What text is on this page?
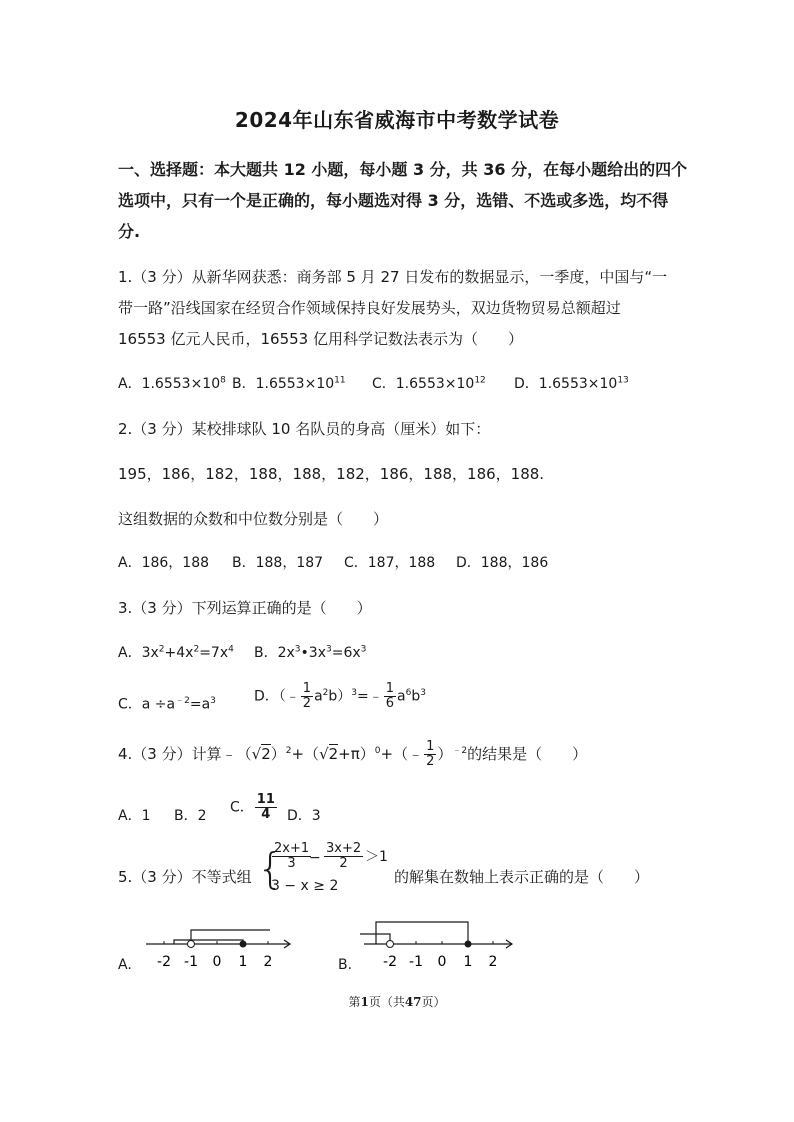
2024年山东省威海市中考数学试卷
一、选择题：本大题共 12 小题，每小题 3 分，共 36 分，在每小题给出的四个
选项中，只有一个是正确的，每小题选对得 3 分，选错、不选或多选，均不得
分.
1.（3 分）从新华网获悉：商务部 5 月 27 日发布的数据显示，一季度，中国与“一
带一路”沿线国家在经贸合作领域保持良好发展势头，双边货物贸易总额超过
16553 亿元人民币，16553 亿用科学记数法表示为（　　）
A．$1.6553\times 10^8$ B．$1.6553\times 10^{11}$ C．$1.6553\times 10^{12}$ D．$1.6553\times 10^{13}$
2.（3 分）某校排球队 10 名队员的身高（厘米）如下：
195，186，182，188，188，182，186，188，186，188.
这组数据的众数和中位数分别是（　　）
A．186，188 B．188，187 C．187，188 D．188，186
3.（3 分）下列运算正确的是（　　）
A．$3x^2+4x^2=7x^4$ B．$2x^3•3x^3=6x^3$
C．$a \div a^{﹣2}=a^3$	D．（﹣ $\frac{1}{2}$ $a^2b)^3=﹣ \frac{1}{6} a^6b^3$
4.（3 分）计算$﹣(√2)^2+(√2+\pi)^0+(﹣ \frac{1}{2} )^{﹣2}$的结果是（　　）
A．1 B．2
C． $\frac{11}{4}$ D．3
5.（3 分）不等式组 {
$\frac{2x+1}{3}$
− $\frac{3x+2}{2} >1$
3 − x ≥ 2	的解集在数轴上表示正确的是（　　）
A. -2 -1 0 1 2	B. -2 -1 0 1 2
第1页（共47页）
